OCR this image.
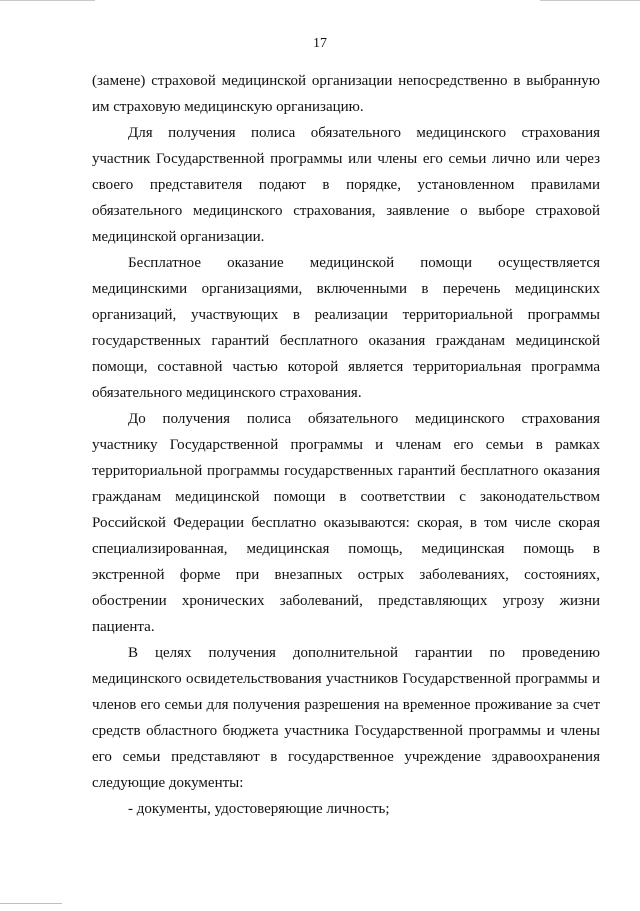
17

(замене) страховой медицинской организации непосредственно в выбранную им страховую медицинскую организацию.

Для получения полиса обязательного медицинского страхования участник Государственной программы или члены его семьи лично или через своего представителя подают в порядке, установленном правилами обязательного медицинского страхования, заявление о выборе страховой медицинской организации.

Бесплатное оказание медицинской помощи осуществляется медицинскими организациями, включенными в перечень медицинских организаций, участвующих в реализации территориальной программы государственных гарантий бесплатного оказания гражданам медицинской помощи, составной частью которой является территориальная программа обязательного медицинского страхования.

До получения полиса обязательного медицинского страхования участнику Государственной программы и членам его семьи в рамках территориальной программы государственных гарантий бесплатного оказания гражданам медицинской помощи в соответствии с законодательством Российской Федерации бесплатно оказываются: скорая, в том числе скорая специализированная, медицинская помощь, медицинская помощь в экстренной форме при внезапных острых заболеваниях, состояниях, обострении хронических заболеваний, представляющих угрозу жизни пациента.

В целях получения дополнительной гарантии по проведению медицинского освидетельствования участников Государственной программы и членов его семьи для получения разрешения на временное проживание за счет средств областного бюджета участника Государственной программы и члены его семьи представляют в государственное учреждение здравоохранения следующие документы:

- документы, удостоверяющие личность;
